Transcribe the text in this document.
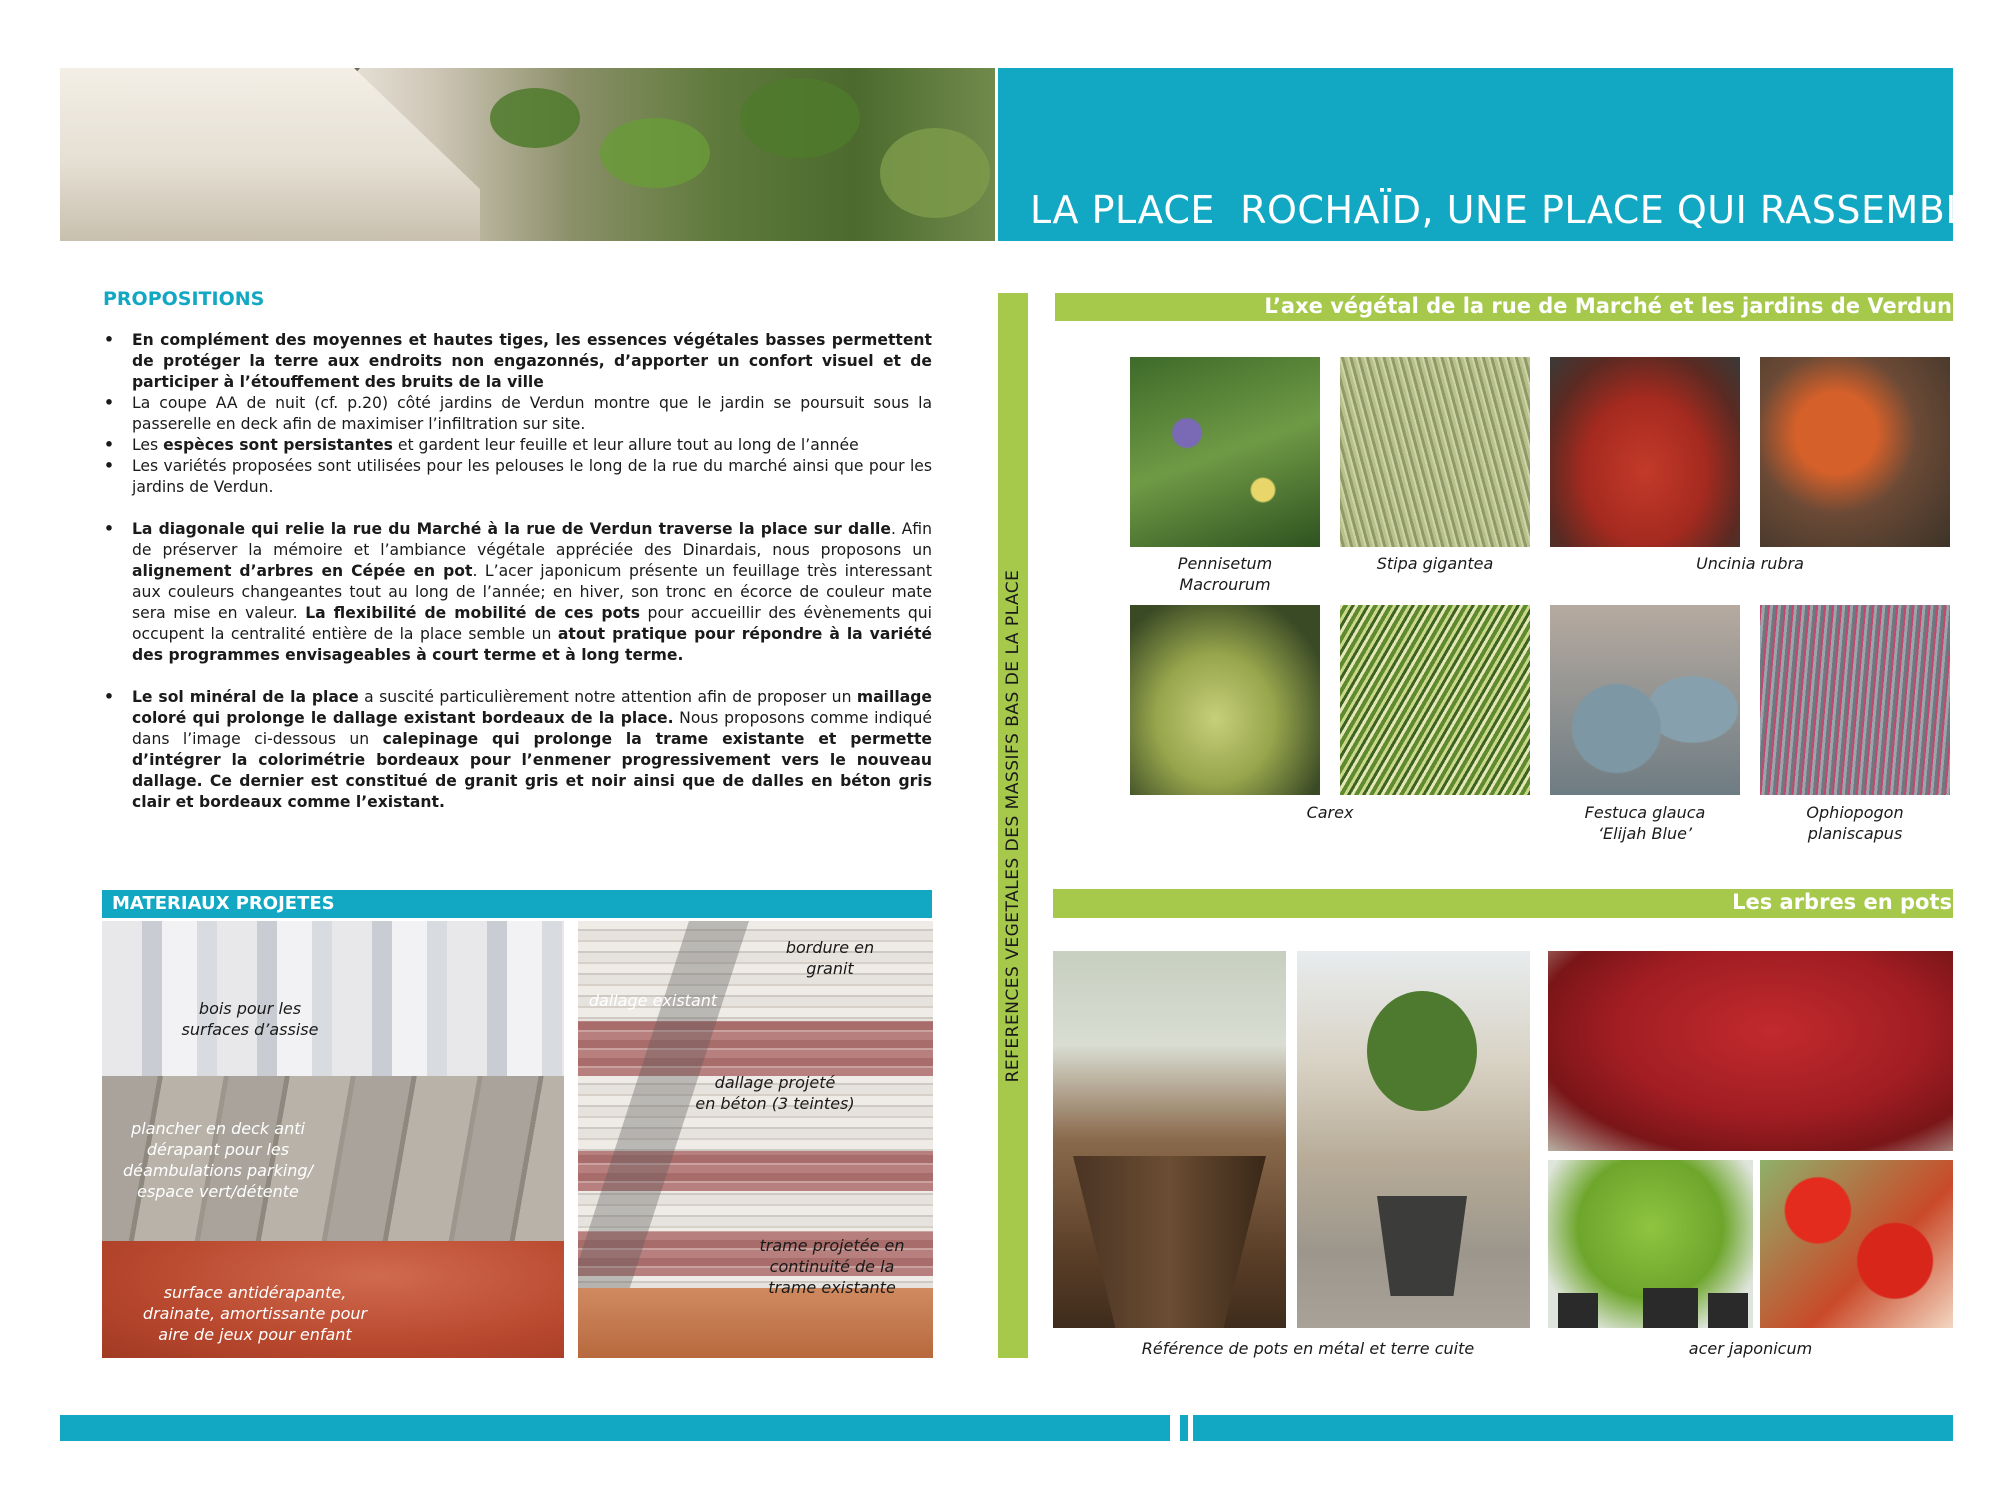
LA PLACE  ROCHAÏD, UNE PLACE QUI RASSEMBLE
PROPOSITIONS
• En complément des moyennes et hautes tiges, les essences végétales basses permettent de protéger la terre aux endroits non engazonnés, d’apporter un confort visuel et de participer à l’étouffement des bruits de la ville
• La coupe AA de nuit (cf. p.20) côté jardins de Verdun montre que le jardin se poursuit sous la passerelle en deck afin de maximiser l’infiltration sur site.
• Les espèces sont persistantes et gardent leur feuille et leur allure tout au long de l’année
• Les variétés proposées sont utilisées pour les pelouses le long de la rue du marché ainsi que pour les jardins de Verdun.
• La diagonale qui relie la rue du Marché à la rue de Verdun traverse la place sur dalle. Afin de préserver la mémoire et l’ambiance végétale appréciée des Dinardais, nous proposons un alignement d’arbres en Cépée en pot. L’acer japonicum présente un feuillage très interessant aux couleurs changeantes tout au long de l’année; en hiver, son tronc en écorce de couleur mate sera mise en valeur. La flexibilité de mobilité de ces pots pour accueillir des évènements qui occupent la centralité entière de la place semble un atout pratique pour répondre à la variété des programmes envisageables à court terme et à long terme.
• Le sol minéral de la place a suscité particulièrement notre attention afin de proposer un maillage coloré qui prolonge le dallage existant bordeaux de la place. Nous proposons comme indiqué dans l’image ci-dessous un calepinage qui prolonge la trame existante et permette d’intégrer la colorimétrie bordeaux pour l’enmener progressivement vers le nouveau dallage. Ce dernier est constitué de granit gris et noir ainsi que de dalles en béton gris clair et bordeaux comme l’existant.
MATERIAUX PROJETES
bois pour les
surfaces d’assise
plancher en deck anti
dérapant pour les
déambulations parking/
espace vert/détente
surface antidérapante,
drainate, amortissante pour
aire de jeux pour enfant
bordure en
granit
dallage existant
dallage projeté
en béton (3 teintes)
trame projetée en
continuité de la
trame existante
REFERENCES VEGETALES DES MASSIFS BAS DE LA PLACE
L’axe végétal de la rue de Marché et les jardins de Verdun
Pennisetum
Macrourum
Stipa gigantea	Uncinia rubra
Carex	Festuca glauca
‘Elijah Blue’
Ophiopogon
planiscapus
Les arbres en pots
Référence de pots en métal et terre cuite	acer japonicum
